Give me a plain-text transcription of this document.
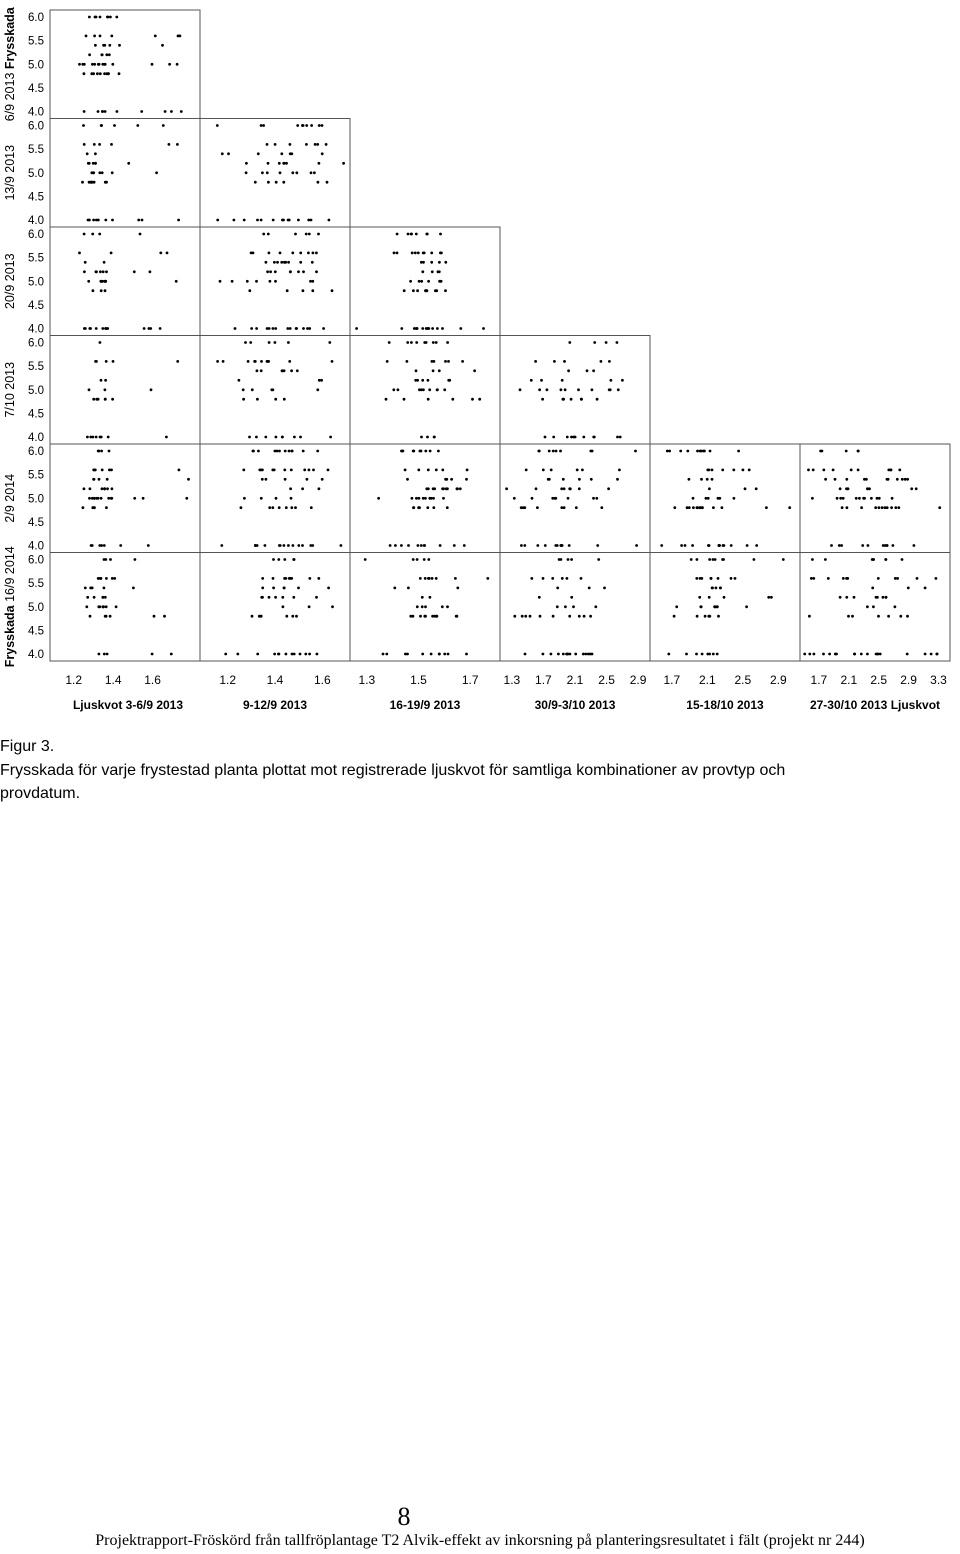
4.0
4.5
5.0
5.5
6.0
6/9 2013 Frysskada
4.0
4.5
5.0
5.5
6.0
13/9 2013
4.0
4.5
5.0
5.5
6.0
20/9 2013
4.0
4.5
5.0
5.5
6.0
7/10 2013
4.0
4.5
5.0
5.5
6.0
2/9 2014
4.0
4.5
5.0
5.5
6.0
Frysskada 16/9 2014
1.2 1.4 1.6
Ljuskvot 3-6/9 2013
1.2	1.4	1.6
9-12/9 2013
1.3	1.5	1.7
16-19/9 2013
1.3 1.7 2.1 2.5 2.9
30/9-3/10 2013
1.7 2.1 2.5 2.9
15-18/10 2013
1.7 2.1 2.5 2.9 3.3
27-30/10 2013 Ljuskvot
Figur 3.
Frysskada för varje frystestad planta plottat mot registrerade ljuskvot för samtliga kombinationer av provtyp och
provdatum.
8
Projektrapport-Fröskörd från tallfröplantage T2 Alvik-effekt av inkorsning på planteringsresultatet i fält (projekt nr 244)
